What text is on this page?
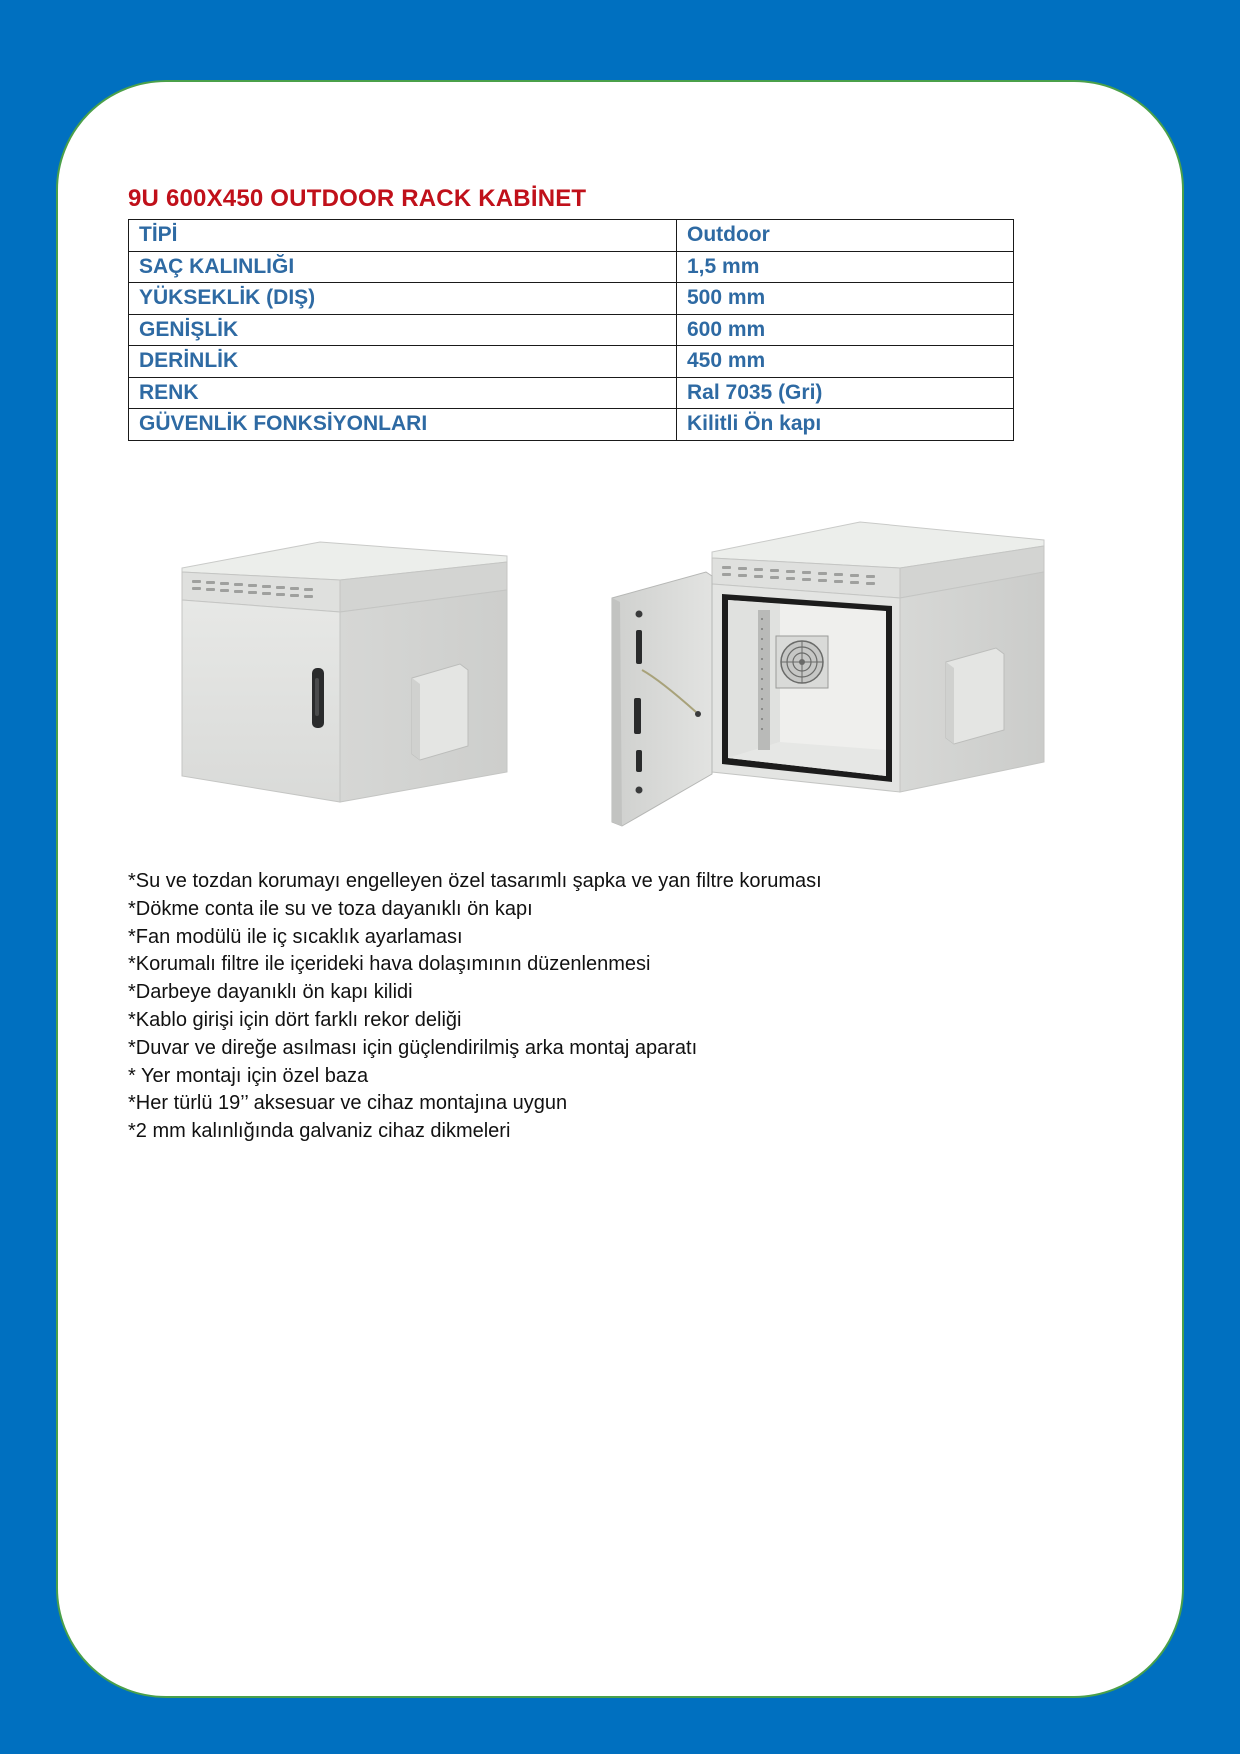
9U 600X450 OUTDOOR RACK KABİNET
TİPİ	Outdoor
SAÇ KALINLIĞI	1,5 mm
YÜKSEKLİK (DIŞ)	500 mm
GENİŞLİK	600 mm
DERİNLİK	450 mm
RENK	Ral 7035 (Gri)
GÜVENLİK FONKSİYONLARI	Kilitli Ön kapı
*Su ve tozdan korumayı engelleyen özel tasarımlı şapka ve yan filtre koruması
*Dökme conta ile su ve toza dayanıklı ön kapı
*Fan modülü ile iç sıcaklık ayarlaması
*Korumalı filtre ile içerideki hava dolaşımının düzenlenmesi
*Darbeye dayanıklı ön kapı kilidi
*Kablo girişi için dört farklı rekor deliği
*Duvar ve direğe asılması için güçlendirilmiş arka montaj aparatı
* Yer montajı için özel baza
*Her türlü 19’’ aksesuar ve cihaz montajına uygun
*2 mm kalınlığında galvaniz cihaz dikmeleri
